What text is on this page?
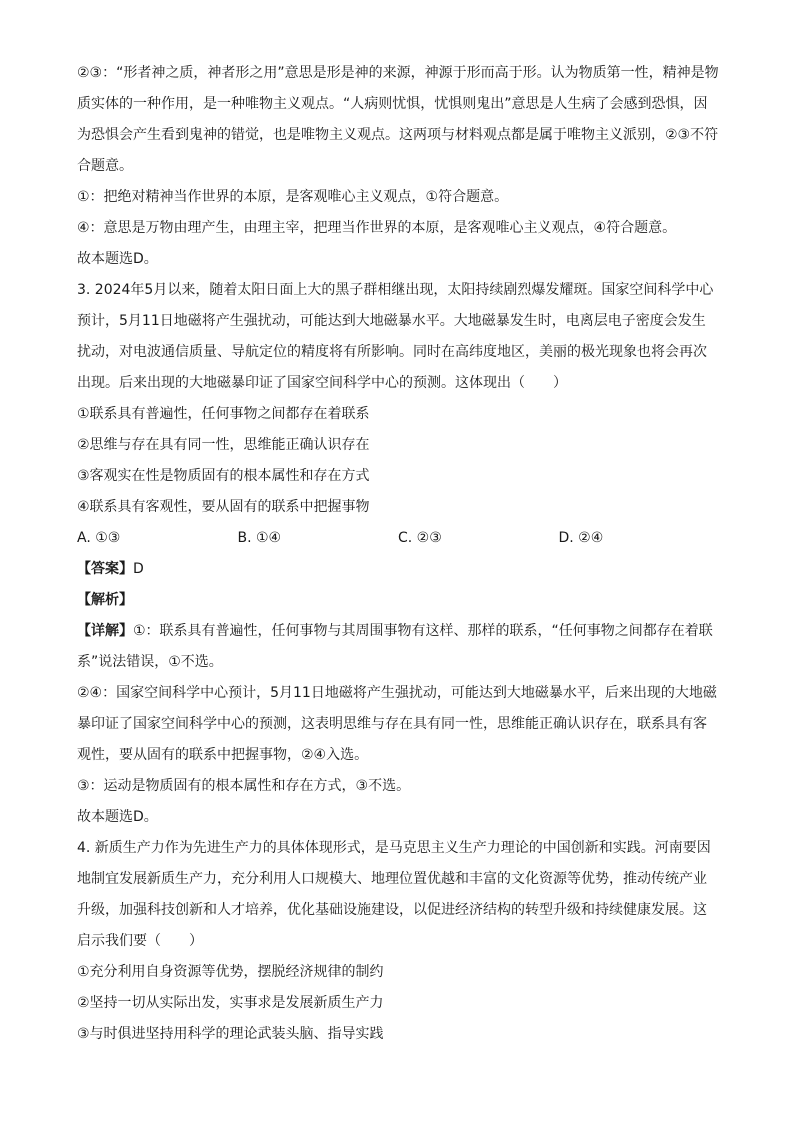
②③：“形者神之质，神者形之用”意思是形是神的来源，神源于形而高于形。认为物质第一性，精神是物质实体的一种作用，是一种唯物主义观点。“人病则忧惧，忧惧则鬼出”意思是人生病了会感到恐惧，因为恐惧会产生看到鬼神的错觉，也是唯物主义观点。这两项与材料观点都是属于唯物主义派别，②③不符合题意。

①：把绝对精神当作世界的本原，是客观唯心主义观点，①符合题意。

④：意思是万物由理产生，由理主宰，把理当作世界的本原，是客观唯心主义观点，④符合题意。

故本题选D。

3. 2024年5月以来，随着太阳日面上大的黑子群相继出现，太阳持续剧烈爆发耀斑。国家空间科学中心预计，5月11日地磁将产生强扰动，可能达到大地磁暴水平。大地磁暴发生时，电离层电子密度会发生扰动，对电波通信质量、导航定位的精度将有所影响。同时在高纬度地区，美丽的极光现象也将会再次出现。后来出现的大地磁暴印证了国家空间科学中心的预测。这体现出（　　）

①联系具有普遍性，任何事物之间都存在着联系

②思维与存在具有同一性，思维能正确认识存在

③客观实在性是物质固有的根本属性和存在方式

④联系具有客观性，要从固有的联系中把握事物

A. ①③	B. ①④	C. ②③	D. ②④

【答案】D

【解析】

【详解】①：联系具有普遍性，任何事物与其周围事物有这样、那样的联系，“任何事物之间都存在着联系”说法错误，①不选。

②④：国家空间科学中心预计，5月11日地磁将产生强扰动，可能达到大地磁暴水平，后来出现的大地磁暴印证了国家空间科学中心的预测，这表明思维与存在具有同一性，思维能正确认识存在，联系具有客观性，要从固有的联系中把握事物，②④入选。

③：运动是物质固有的根本属性和存在方式，③不选。

故本题选D。

4. 新质生产力作为先进生产力的具体体现形式，是马克思主义生产力理论的中国创新和实践。河南要因地制宜发展新质生产力，充分利用人口规模大、地理位置优越和丰富的文化资源等优势，推动传统产业升级，加强科技创新和人才培养，优化基础设施建设，以促进经济结构的转型升级和持续健康发展。这启示我们要（　　）

①充分利用自身资源等优势，摆脱经济规律的制约

②坚持一切从实际出发，实事求是发展新质生产力

③与时俱进坚持用科学的理论武装头脑、指导实践
